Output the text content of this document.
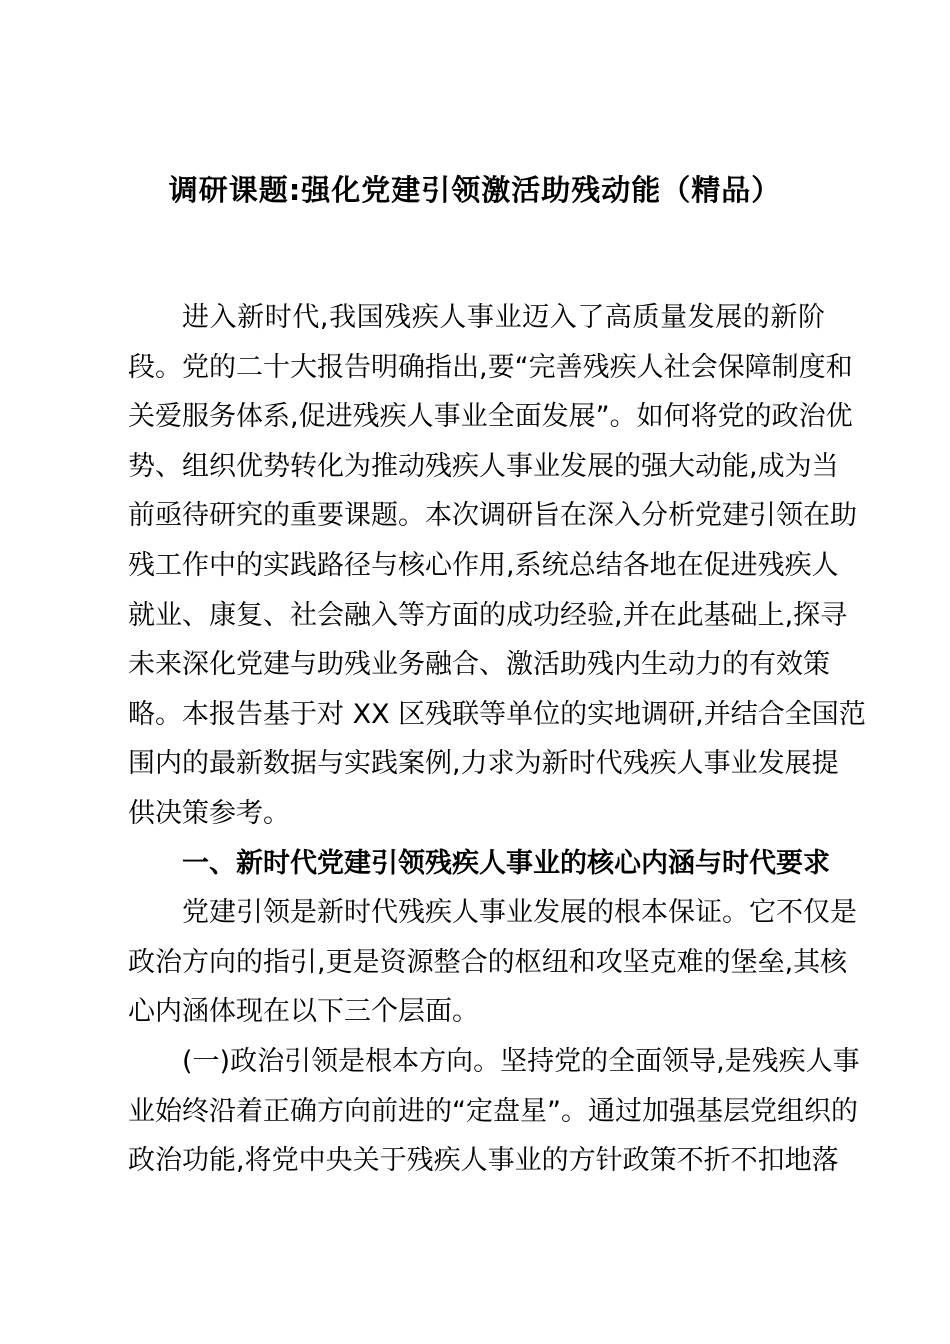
调研课题:强化党建引领激活助残动能（精品）
进入新时代,我国残疾人事业迈入了高质量发展的新阶
段。党的二十大报告明确指出,要“完善残疾人社会保障制度和
关爱服务体系,促进残疾人事业全面发展”。如何将党的政治优
势、组织优势转化为推动残疾人事业发展的强大动能,成为当
前亟待研究的重要课题。本次调研旨在深入分析党建引领在助
残工作中的实践路径与核心作用,系统总结各地在促进残疾人
就业、康复、社会融入等方面的成功经验,并在此基础上,探寻
未来深化党建与助残业务融合、激活助残内生动力的有效策
略。本报告基于对 XX 区残联等单位的实地调研,并结合全国范
围内的最新数据与实践案例,力求为新时代残疾人事业发展提
供决策参考。
一、新时代党建引领残疾人事业的核心内涵与时代要求
党建引领是新时代残疾人事业发展的根本保证。它不仅是
政治方向的指引,更是资源整合的枢纽和攻坚克难的堡垒,其核
心内涵体现在以下三个层面。
(一)政治引领是根本方向。坚持党的全面领导,是残疾人事
业始终沿着正确方向前进的“定盘星”。通过加强基层党组织的
政治功能,将党中央关于残疾人事业的方针政策不折不扣地落
